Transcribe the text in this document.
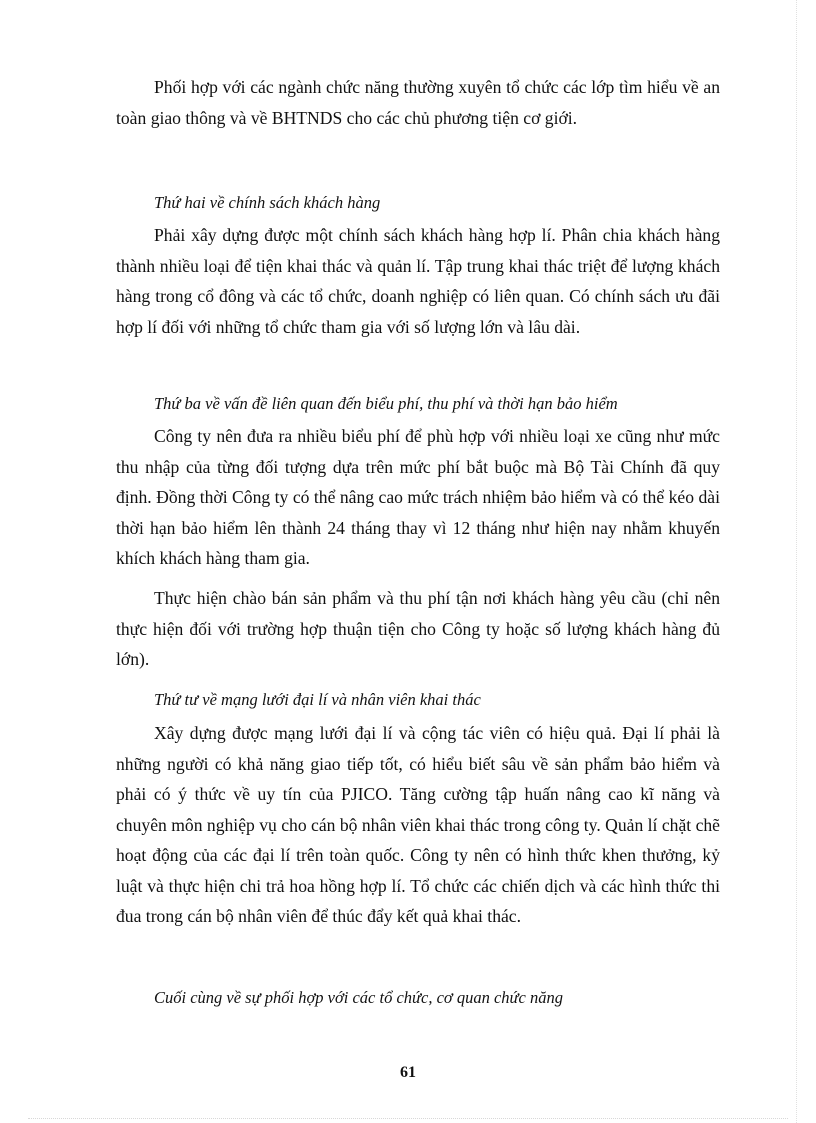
Phối hợp với các ngành chức năng thường xuyên tổ chức các lớp tìm hiểu về an toàn giao thông và về BHTNDS cho các chủ phương tiện cơ giới.

Thứ hai về chính sách khách hàng

Phải xây dựng được một chính sách khách hàng hợp lí. Phân chia khách hàng thành nhiều loại để tiện khai thác và quản lí. Tập trung khai thác triệt để lượng khách hàng trong cổ đông và các tổ chức, doanh nghiệp có liên quan. Có chính sách ưu đãi hợp lí đối với những tổ chức tham gia với số lượng lớn và lâu dài.

Thứ ba về vấn đề liên quan đến biểu phí, thu phí và thời hạn bảo hiểm

Công ty nên đưa ra nhiều biểu phí để phù hợp với nhiều loại xe cũng như mức thu nhập của từng đối tượng dựa trên mức phí bắt buộc mà Bộ Tài Chính đã quy định. Đồng thời Công ty có thể nâng cao mức trách nhiệm bảo hiểm và có thể kéo dài thời hạn bảo hiểm lên thành 24 tháng thay vì 12 tháng như hiện nay nhằm khuyến khích khách hàng tham gia.

Thực hiện chào bán sản phẩm và thu phí tận nơi khách hàng yêu cầu (chỉ nên thực hiện đối với trường hợp thuận tiện cho Công ty hoặc số lượng khách hàng đủ lớn).

Thứ tư về mạng lưới đại lí và nhân viên khai thác

Xây dựng được mạng lưới đại lí và cộng tác viên có hiệu quả. Đại lí phải là những người có khả năng giao tiếp tốt, có hiểu biết sâu về sản phẩm bảo hiểm và phải có ý thức về uy tín của PJICO. Tăng cường tập huấn nâng cao kĩ năng và chuyên môn nghiệp vụ cho cán bộ nhân viên khai thác trong công ty. Quản lí chặt chẽ hoạt động của các đại lí trên toàn quốc. Công ty nên có hình thức khen thưởng, kỷ luật và thực hiện chi trả hoa hồng hợp lí. Tổ chức các chiến dịch và các hình thức thi đua trong cán bộ nhân viên để thúc đẩy kết quả khai thác.

Cuối cùng về sự phối hợp với các tổ chức, cơ quan chức năng

61
